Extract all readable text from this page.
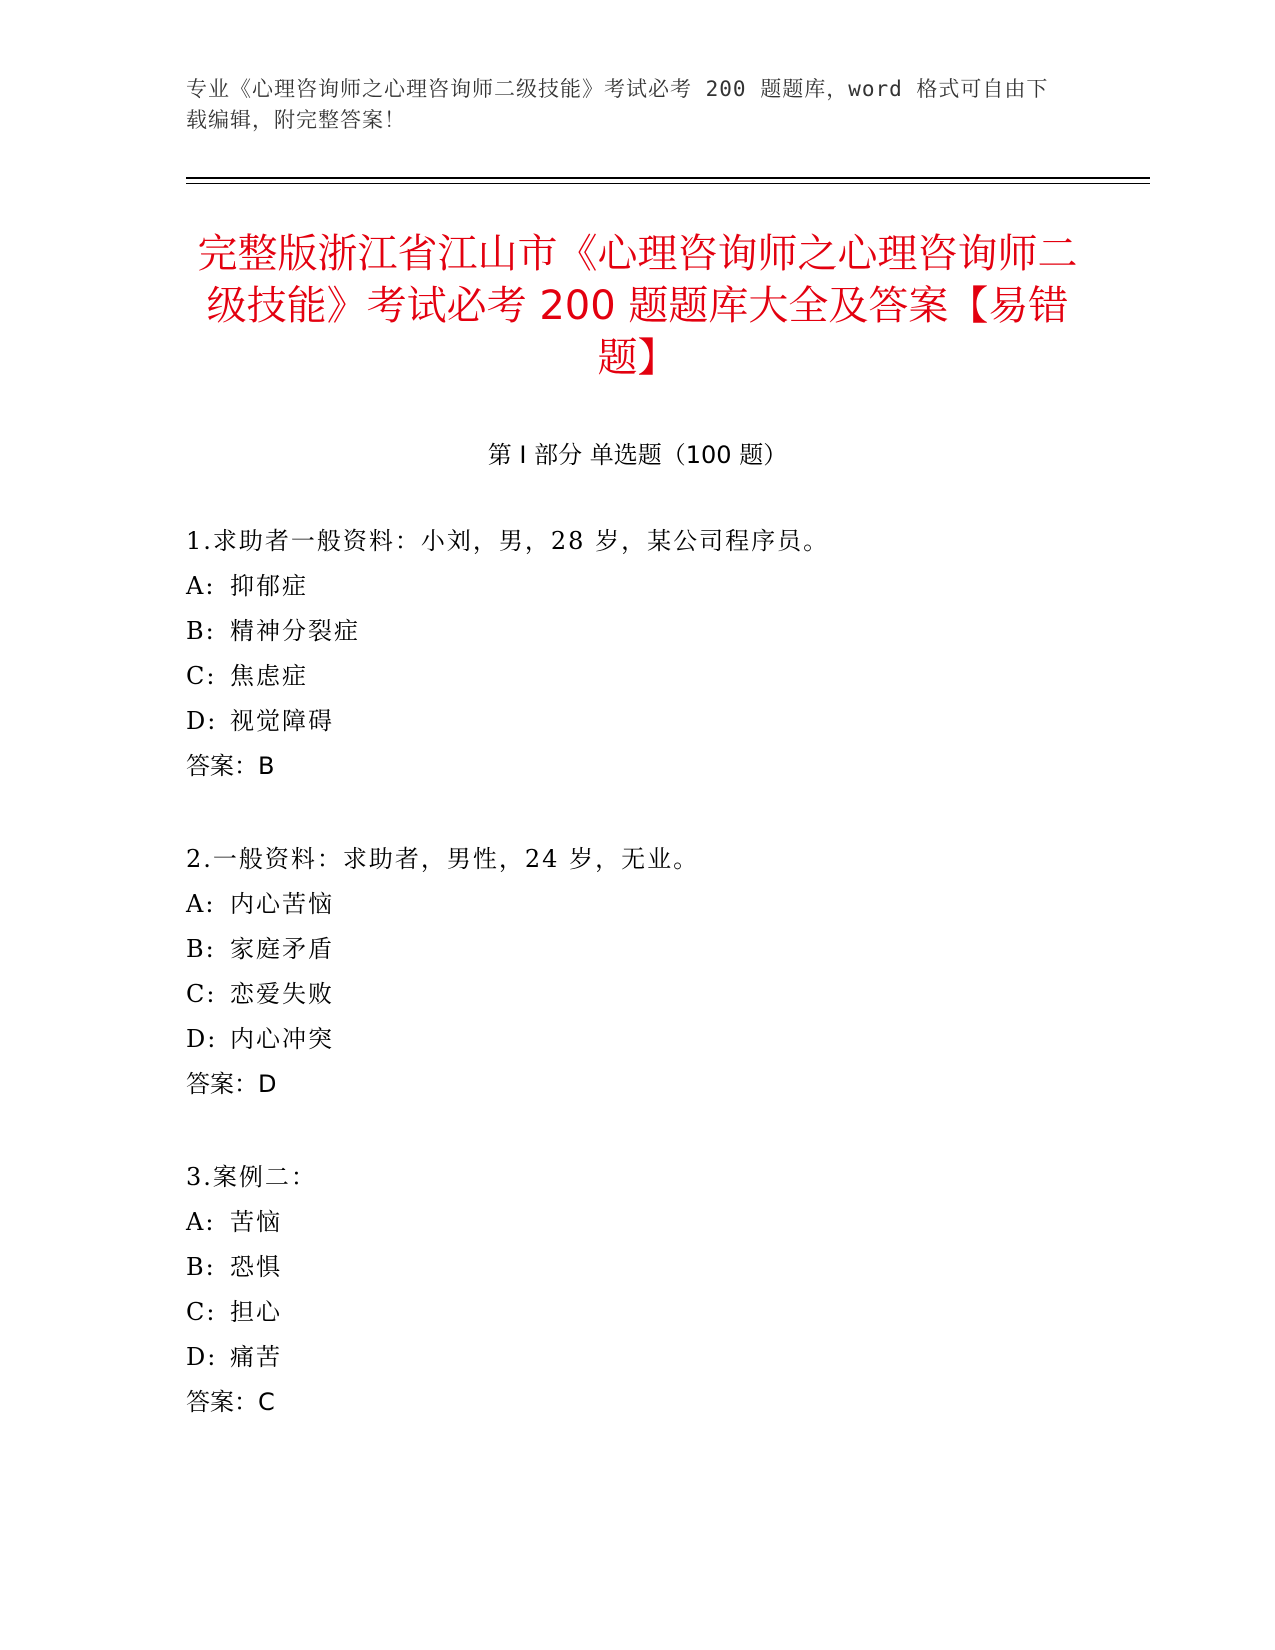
专业《心理咨询师之心理咨询师二级技能》考试必考 200 题题库，word 格式可自由下载编辑，附完整答案！
完整版浙江省江山市《心理咨询师之心理咨询师二级技能》考试必考 200 题题库大全及答案【易错题】
第 I 部分 单选题（100 题）
1.求助者一般资料：小刘，男，28 岁，某公司程序员。
A: 抑郁症
B: 精神分裂症
C: 焦虑症
D: 视觉障碍
答案：B
2.一般资料：求助者，男性，24 岁，无业。
A: 内心苦恼
B: 家庭矛盾
C: 恋爱失败
D: 内心冲突
答案：D
3.案例二：
A: 苦恼
B: 恐惧
C: 担心
D: 痛苦
答案：C
